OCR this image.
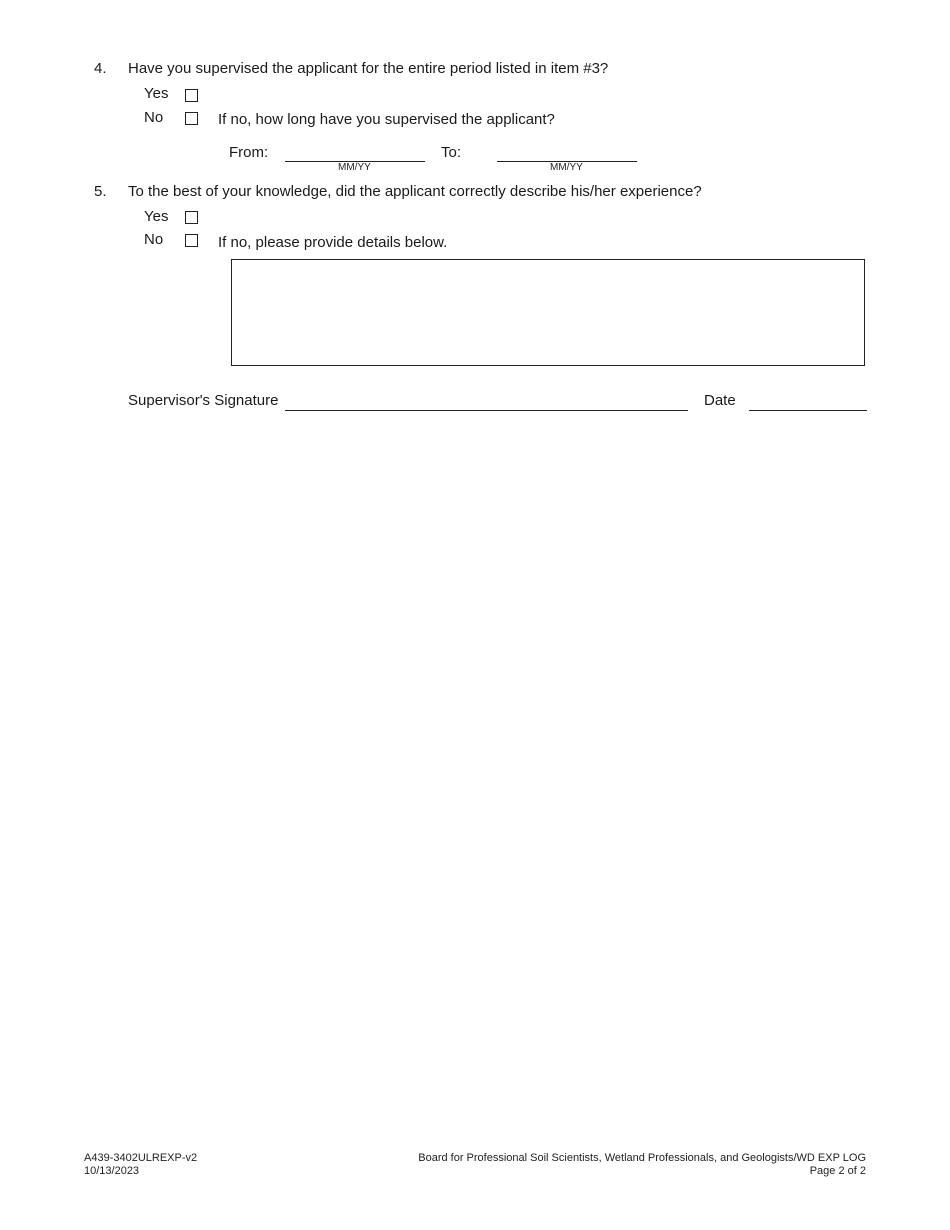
4. Have you supervised the applicant for the entire period listed in item #3?
Yes
No	If no, how long have you supervised the applicant?
From:
MM/YY
To:
MM/YY
5. To the best of your knowledge, did the applicant correctly describe his/her experience?
Yes
No	If no, please provide details below.
Supervisor's Signature	Date
A439-3402ULREXP-v2
10/13/2023
Board for Professional Soil Scientists, Wetland Professionals, and Geologists/WD EXP LOG
Page 2 of 2
